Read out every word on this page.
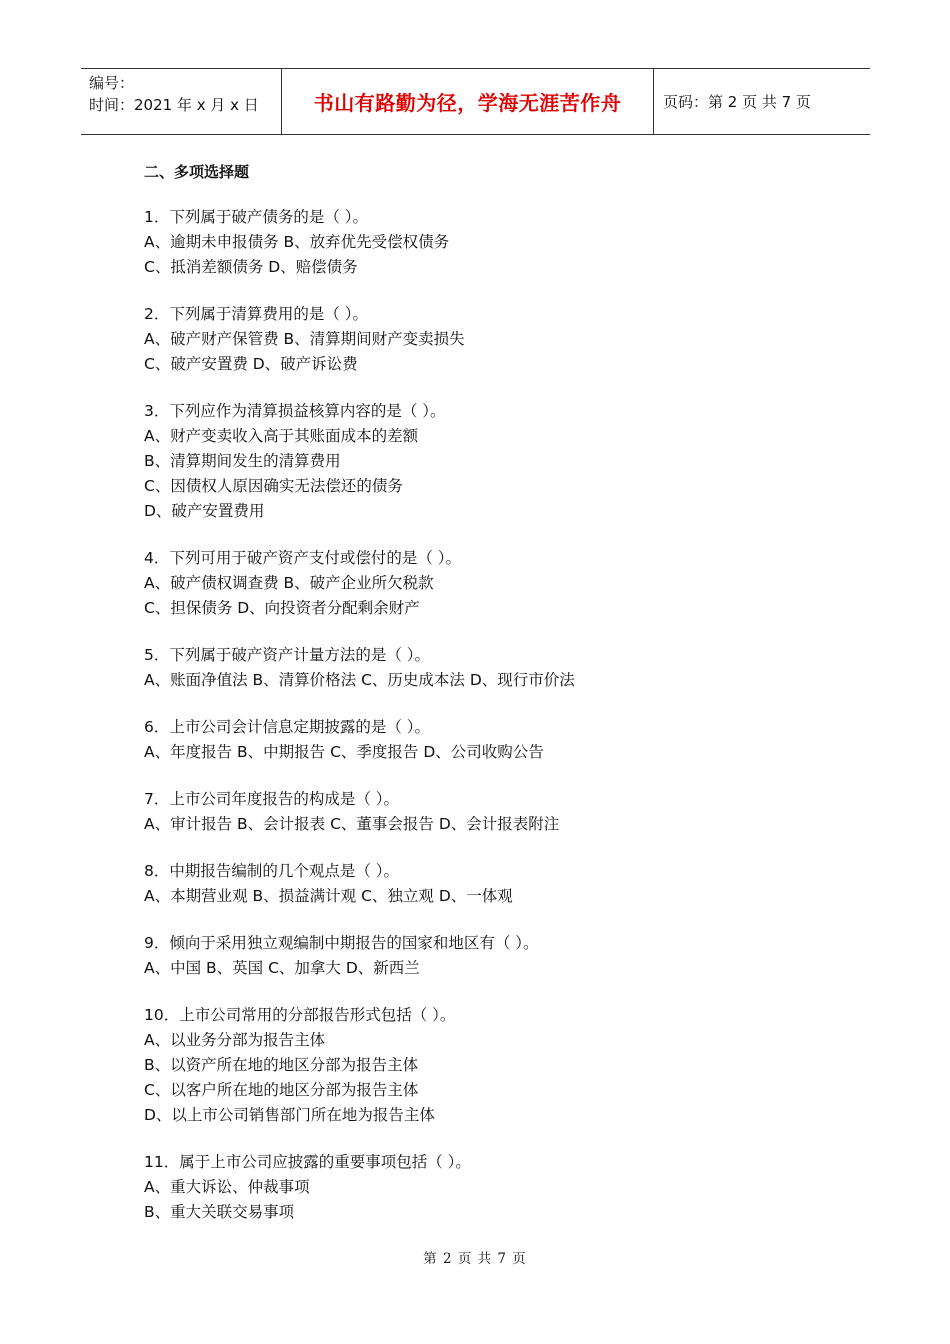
编号：
时间：2021 年 x 月 x 日	书山有路勤为径，学海无涯苦作舟	页码：第 2 页 共 7 页
二、多项选择题
1．下列属于破产债务的是（ ）。
A、逾期未申报债务 B、放弃优先受偿权债务
C、抵消差额债务 D、赔偿债务
2．下列属于清算费用的是（ ）。
A、破产财产保管费 B、清算期间财产变卖损失
C、破产安置费 D、破产诉讼费
3．下列应作为清算损益核算内容的是（ ）。
A、财产变卖收入高于其账面成本的差额
B、清算期间发生的清算费用
C、因债权人原因确实无法偿还的债务
D、破产安置费用
4．下列可用于破产资产支付或偿付的是（ ）。
A、破产债权调查费 B、破产企业所欠税款
C、担保债务 D、向投资者分配剩余财产
5．下列属于破产资产计量方法的是（ ）。
A、账面净值法 B、清算价格法 C、历史成本法 D、现行市价法
6．上市公司会计信息定期披露的是（ ）。
A、年度报告 B、中期报告 C、季度报告 D、公司收购公告
7．上市公司年度报告的构成是（ ）。
A、审计报告 B、会计报表 C、董事会报告 D、会计报表附注
8．中期报告编制的几个观点是（ ）。
A、本期营业观 B、损益满计观 C、独立观 D、一体观
9．倾向于采用独立观编制中期报告的国家和地区有（ ）。
A、中国 B、英国 C、加拿大 D、新西兰
10．上市公司常用的分部报告形式包括（ ）。
A、以业务分部为报告主体
B、以资产所在地的地区分部为报告主体
C、以客户所在地的地区分部为报告主体
D、以上市公司销售部门所在地为报告主体
11．属于上市公司应披露的重要事项包括（ ）。
A、重大诉讼、仲裁事项
B、重大关联交易事项
第 2 页 共 7 页
